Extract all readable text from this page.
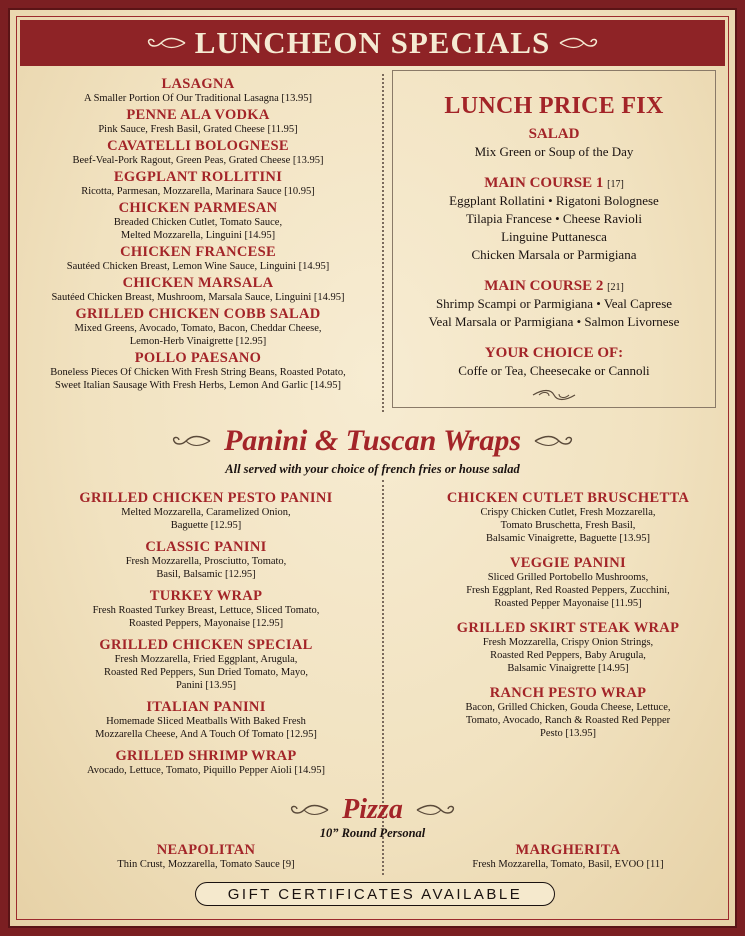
LUNCHEON SPECIALS
LASAGNA
A Smaller Portion Of Our Traditional Lasagna [13.95]
PENNE ALA VODKA
Pink Sauce, Fresh Basil, Grated Cheese [11.95]
CAVATELLI BOLOGNESE
Beef-Veal-Pork Ragout, Green Peas, Grated Cheese [13.95]
EGGPLANT ROLLITINI
Ricotta, Parmesan, Mozzarella, Marinara Sauce [10.95]
CHICKEN PARMESAN
Breaded Chicken Cutlet, Tomato Sauce,
Melted Mozzarella, Linguini [14.95]
CHICKEN FRANCESE
Sautéed Chicken Breast, Lemon Wine Sauce, Linguini [14.95]
CHICKEN MARSALA
Sautéed Chicken Breast, Mushroom, Marsala Sauce, Linguini [14.95]
GRILLED CHICKEN COBB SALAD
Mixed Greens, Avocado, Tomato, Bacon, Cheddar Cheese,
Lemon-Herb Vinaigrette [12.95]
POLLO PAESANO
Boneless Pieces Of Chicken With Fresh String Beans, Roasted Potato,
Sweet Italian Sausage With Fresh Herbs, Lemon And Garlic [14.95]
LUNCH PRICE FIX
SALAD
Mix Green or Soup of the Day
MAIN COURSE 1 [17]
Eggplant Rollatini • Rigatoni Bolognese
Tilapia Francese • Cheese Ravioli
Linguine Puttanesca
Chicken Marsala or Parmigiana
MAIN COURSE 2 [21]
Shrimp Scampi or Parmigiana • Veal Caprese
Veal Marsala or Parmigiana • Salmon Livornese
YOUR CHOICE OF:
Coffe or Tea, Cheesecake or Cannoli
Panini & Tuscan Wraps
All served with your choice of french fries or house salad
GRILLED CHICKEN PESTO PANINI
Melted Mozzarella, Caramelized Onion,
Baguette [12.95]
CLASSIC PANINI
Fresh Mozzarella, Prosciutto, Tomato,
Basil, Balsamic [12.95]
TURKEY WRAP
Fresh Roasted Turkey Breast, Lettuce, Sliced Tomato,
Roasted Peppers, Mayonaise [12.95]
GRILLED CHICKEN SPECIAL
Fresh Mozzarella, Fried Eggplant, Arugula,
Roasted Red Peppers, Sun Dried Tomato, Mayo,
Panini [13.95]
ITALIAN PANINI
Homemade Sliced Meatballs With Baked Fresh
Mozzarella Cheese, And A Touch Of Tomato [12.95]
GRILLED SHRIMP WRAP
Avocado, Lettuce, Tomato, Piquillo Pepper Aioli [14.95]
CHICKEN CUTLET BRUSCHETTA
Crispy Chicken Cutlet, Fresh Mozzarella,
Tomato Bruschetta, Fresh Basil,
Balsamic Vinaigrette, Baguette [13.95]
VEGGIE PANINI
Sliced Grilled Portobello Mushrooms,
Fresh Eggplant, Red Roasted Peppers, Zucchini,
Roasted Pepper Mayonaise [11.95]
GRILLED SKIRT STEAK WRAP
Fresh Mozzarella, Crispy Onion Strings,
Roasted Red Peppers, Baby Arugula,
Balsamic Vinaigrette [14.95]
RANCH PESTO WRAP
Bacon, Grilled Chicken, Gouda Cheese, Lettuce,
Tomato, Avocado, Ranch & Roasted Red Pepper
Pesto [13.95]
Pizza
10” Round Personal
NEAPOLITAN
Thin Crust, Mozzarella, Tomato Sauce [9]
MARGHERITA
Fresh Mozzarella, Tomato, Basil, EVOO [11]
GIFT CERTIFICATES AVAILABLE
